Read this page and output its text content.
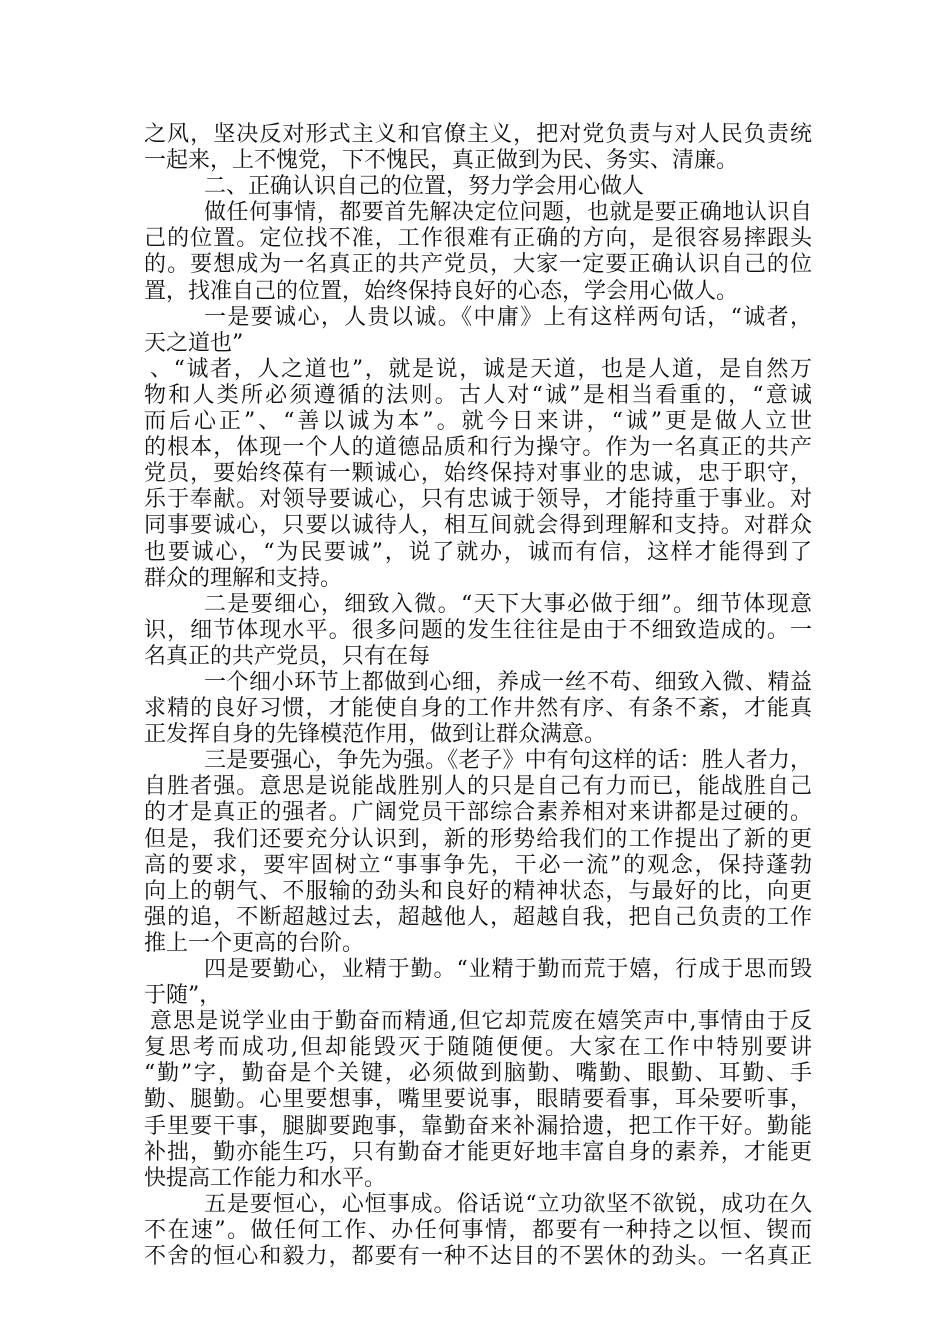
之风，坚决反对形式主义和官僚主义，把对党负责与对人民负责统
一起来，上不愧党，下不愧民，真正做到为民、务实、清廉。
二、正确认识自己的位置，努力学会用心做人
做任何事情，都要首先解决定位问题，也就是要正确地认识自
己的位置。定位找不准，工作很难有正确的方向，是很容易摔跟头
的。要想成为一名真正的共产党员，大家一定要正确认识自己的位
置，找准自己的位置，始终保持良好的心态，学会用心做人。
一是要诚心，人贵以诚。《中庸》上有这样两句话，“诚者，
天之道也”
、“诚者，人之道也”，就是说，诚是天道，也是人道，是自然万
物和人类所必须遵循的法则。古人对“诚”是相当看重的，“意诚
而后心正”、“善以诚为本”。就今日来讲，“诚”更是做人立世
的根本，体现一个人的道德品质和行为操守。作为一名真正的共产
党员，要始终葆有一颗诚心，始终保持对事业的忠诚，忠于职守，
乐于奉献。对领导要诚心，只有忠诚于领导，才能持重于事业。对
同事要诚心，只要以诚待人，相互间就会得到理解和支持。对群众
也要诚心，“为民要诚”，说了就办，诚而有信，这样才能得到了
群众的理解和支持。
二是要细心，细致入微。“天下大事必做于细”。细节体现意
识，细节体现水平。很多问题的发生往往是由于不细致造成的。一
名真正的共产党员，只有在每
一个细小环节上都做到心细，养成一丝不苟、细致入微、精益
求精的良好习惯，才能使自身的工作井然有序、有条不紊，才能真
正发挥自身的先锋模范作用，做到让群众满意。
三是要强心，争先为强。《老子》中有句这样的话：胜人者力，
自胜者强。意思是说能战胜别人的只是自己有力而已，能战胜自己
的才是真正的强者。广阔党员干部综合素养相对来讲都是过硬的。
但是，我们还要充分认识到，新的形势给我们的工作提出了新的更
高的要求，要牢固树立“事事争先，干必一流”的观念，保持蓬勃
向上的朝气、不服输的劲头和良好的精神状态，与最好的比，向更
强的追，不断超越过去，超越他人，超越自我，把自己负责的工作
推上一个更高的台阶。
四是要勤心，业精于勤。“业精于勤而荒于嬉，行成于思而毁
于随”，
意思是说学业由于勤奋而精通,但它却荒废在嬉笑声中,事情由于反
复思考而成功,但却能毁灭于随随便便。大家在工作中特别要讲
“勤”字，勤奋是个关键，必须做到脑勤、嘴勤、眼勤、耳勤、手
勤、腿勤。心里要想事，嘴里要说事，眼睛要看事，耳朵要听事，
手里要干事，腿脚要跑事，靠勤奋来补漏拾遗，把工作干好。勤能
补拙，勤亦能生巧，只有勤奋才能更好地丰富自身的素养，才能更
快提高工作能力和水平。
五是要恒心，心恒事成。俗话说“立功欲坚不欲锐，成功在久
不在速”。做任何工作、办任何事情，都要有一种持之以恒、锲而
不舍的恒心和毅力，都要有一种不达目的不罢休的劲头。一名真正
